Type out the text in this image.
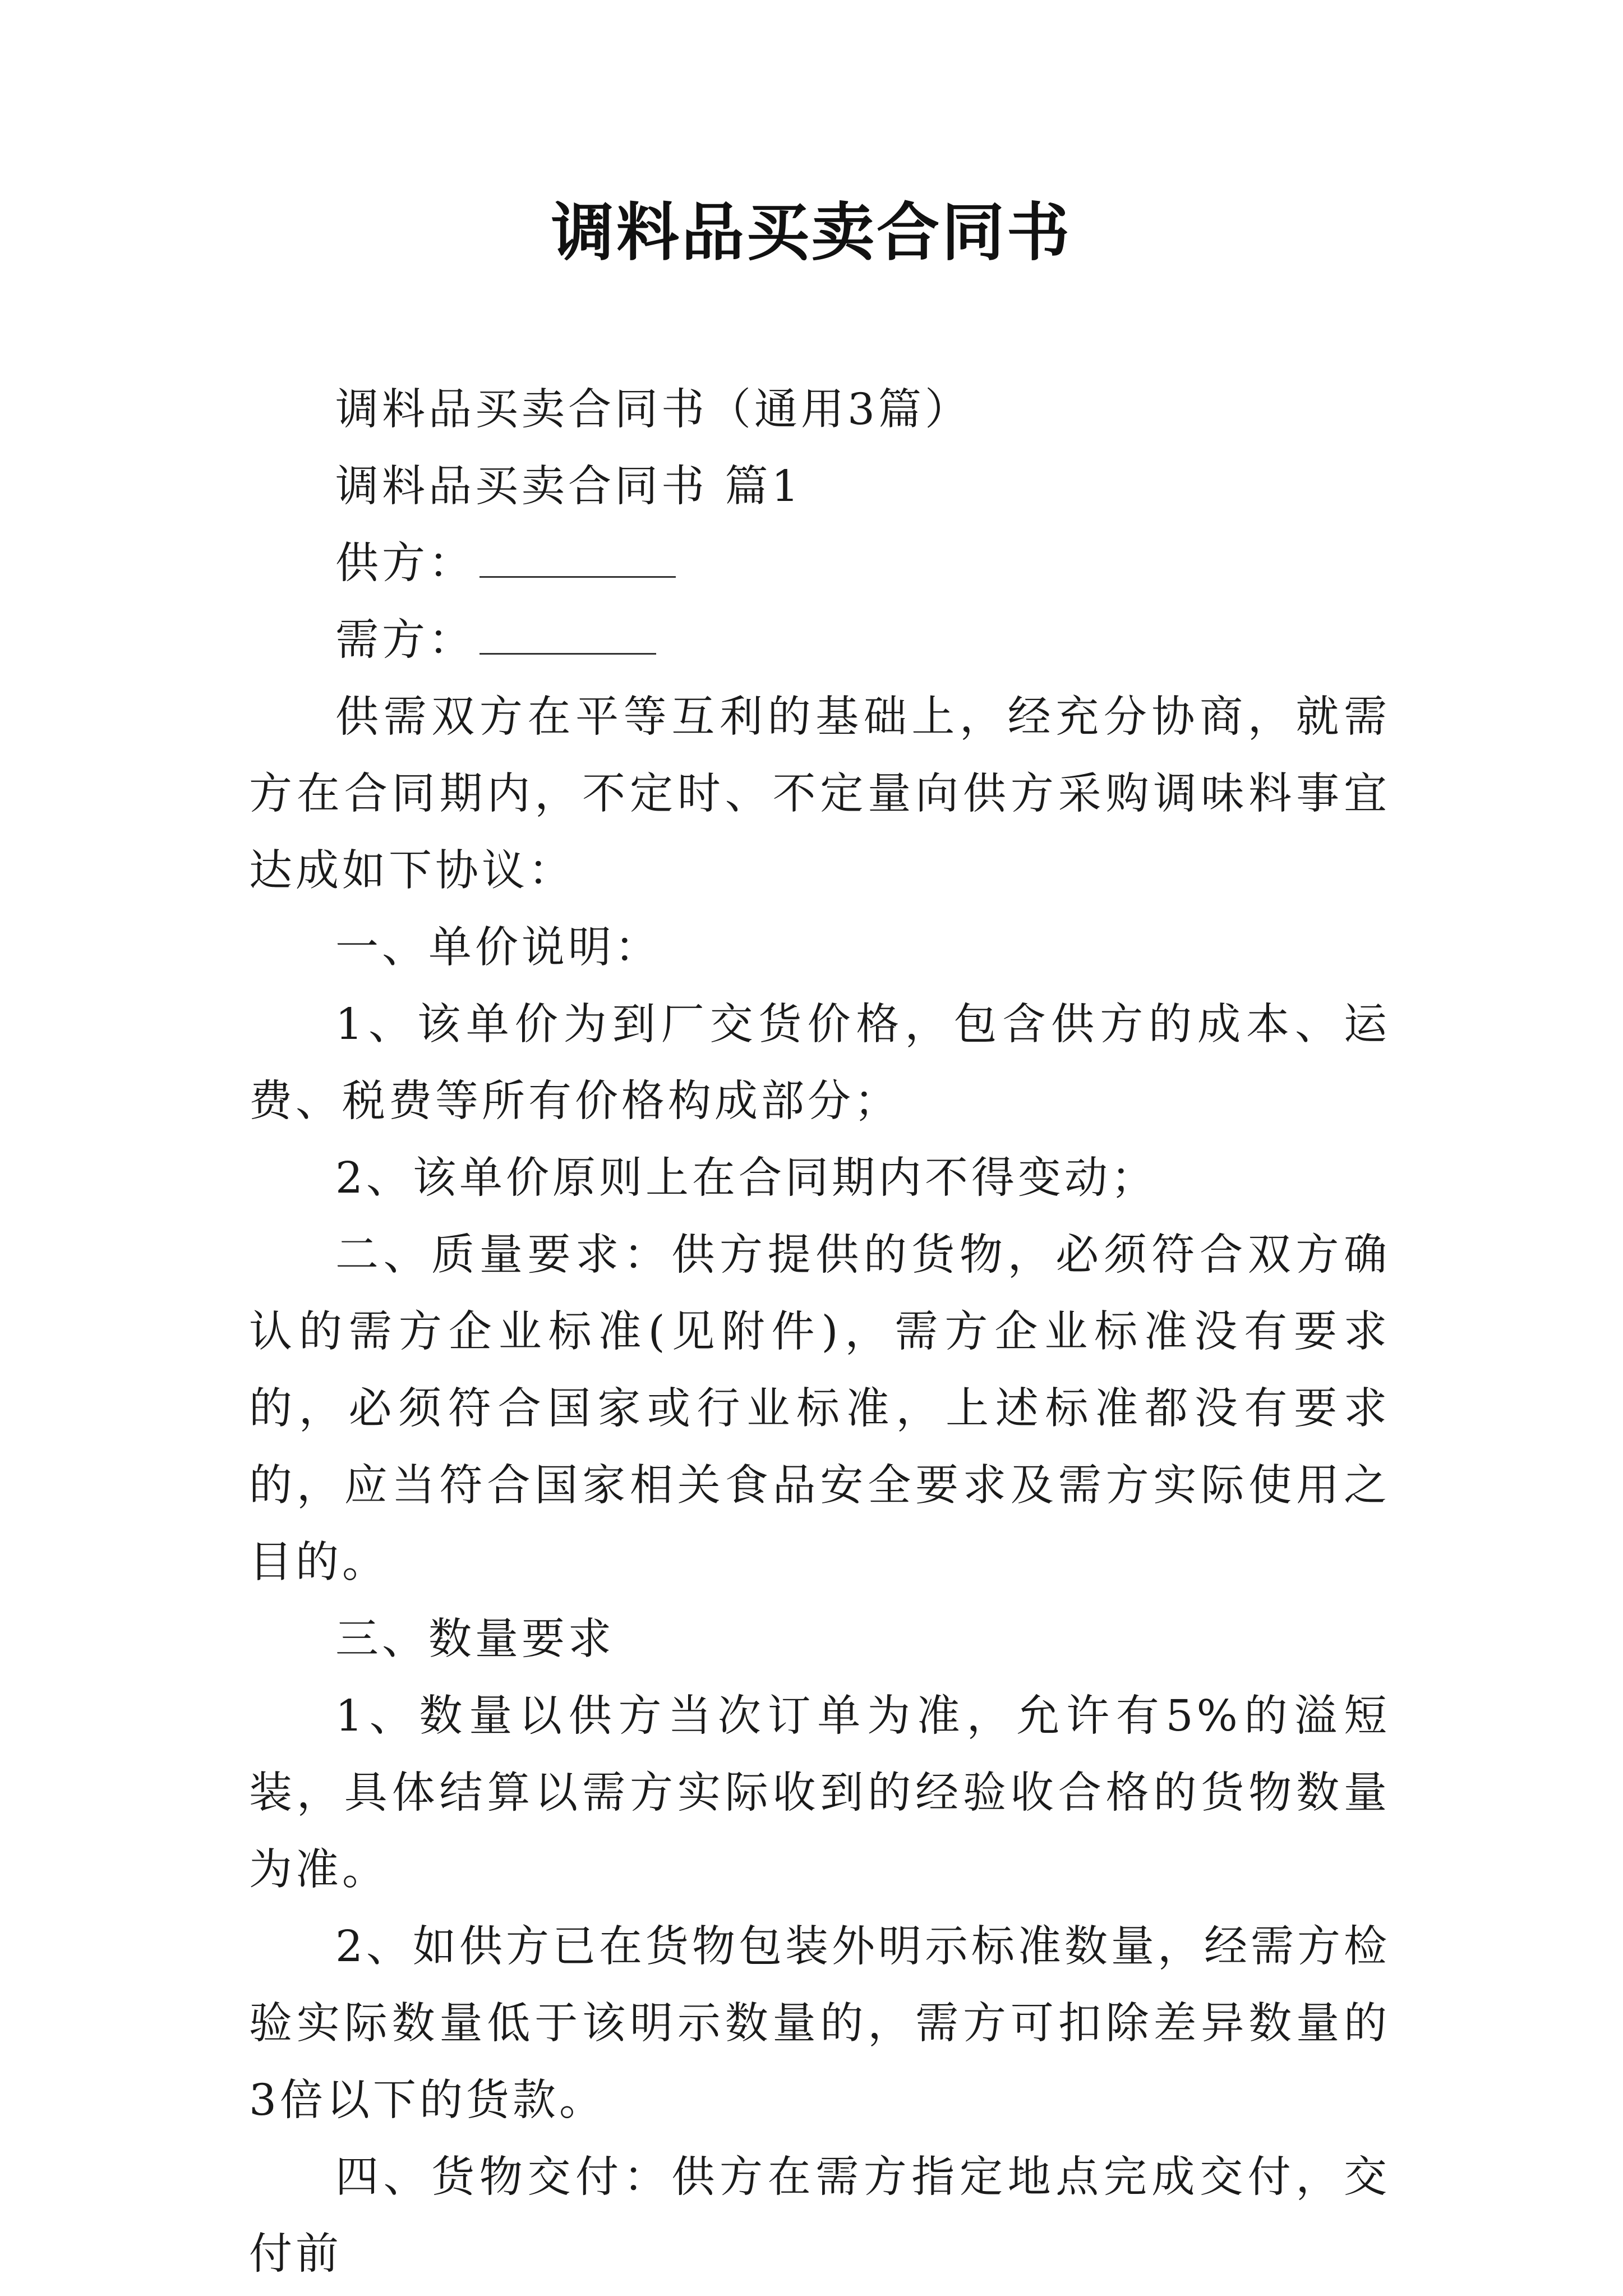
调料品买卖合同书

调料品买卖合同书（通用3篇）

调料品买卖合同书 篇1

供方：

需方：

供需双方在平等互利的基础上，经充分协商，就需方在合同期内，不定时、不定量向供方采购调味料事宜达成如下协议：

一、单价说明：

1、该单价为到厂交货价格，包含供方的成本、运费、税费等所有价格构成部分；

2、该单价原则上在合同期内不得变动；

二、质量要求：供方提供的货物，必须符合双方确认的需方企业标准(见附件)，需方企业标准没有要求的，必须符合国家或行业标准，上述标准都没有要求的，应当符合国家相关食品安全要求及需方实际使用之目的。

三、数量要求

1、数量以供方当次订单为准，允许有5%的溢短装，具体结算以需方实际收到的经验收合格的货物数量为准。

2、如供方已在货物包装外明示标准数量，经需方检验实际数量低于该明示数量的，需方可扣除差异数量的3倍以下的货款。

四、货物交付：供方在需方指定地点完成交付，交付前
